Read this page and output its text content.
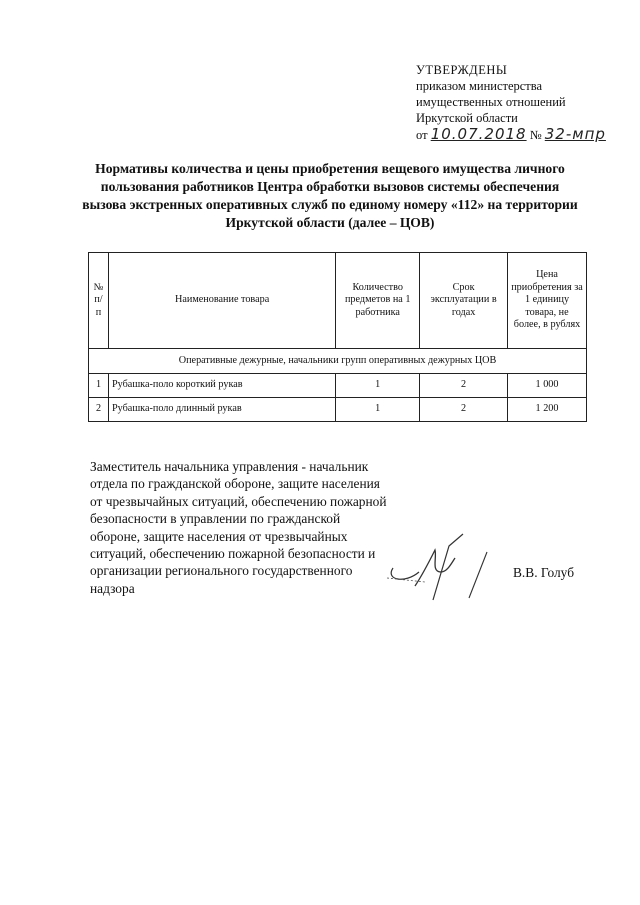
УТВЕРЖДЕНЫ
приказом министерства
имущественных отношений
Иркутской области
от 10.07.2018 № 32-мпр
Нормативы количества и цены приобретения вещевого имущества личного пользования работников Центра обработки вызовов системы обеспечения вызова экстренных оперативных служб по единому номеру «112» на территории Иркутской области (далее – ЦОВ)
№ п/п	Наименование товара	Количество предметов на 1 работника	Срок эксплуатации в годах	Цена приобретения за 1 единицу товара, не более, в рублях
Оперативные дежурные, начальники групп оперативных дежурных ЦОВ				
1	Рубашка-поло короткий рукав	1	2	1 000
2	Рубашка-поло длинный рукав	1	2	1 200
Заместитель начальника управления - начальник отдела по гражданской обороне, защите населения от чрезвычайных ситуаций, обеспечению пожарной безопасности в управлении по гражданской обороне, защите населения от чрезвычайных ситуаций, обеспечению пожарной безопасности и организации регионального государственного надзора
В.В. Голуб
